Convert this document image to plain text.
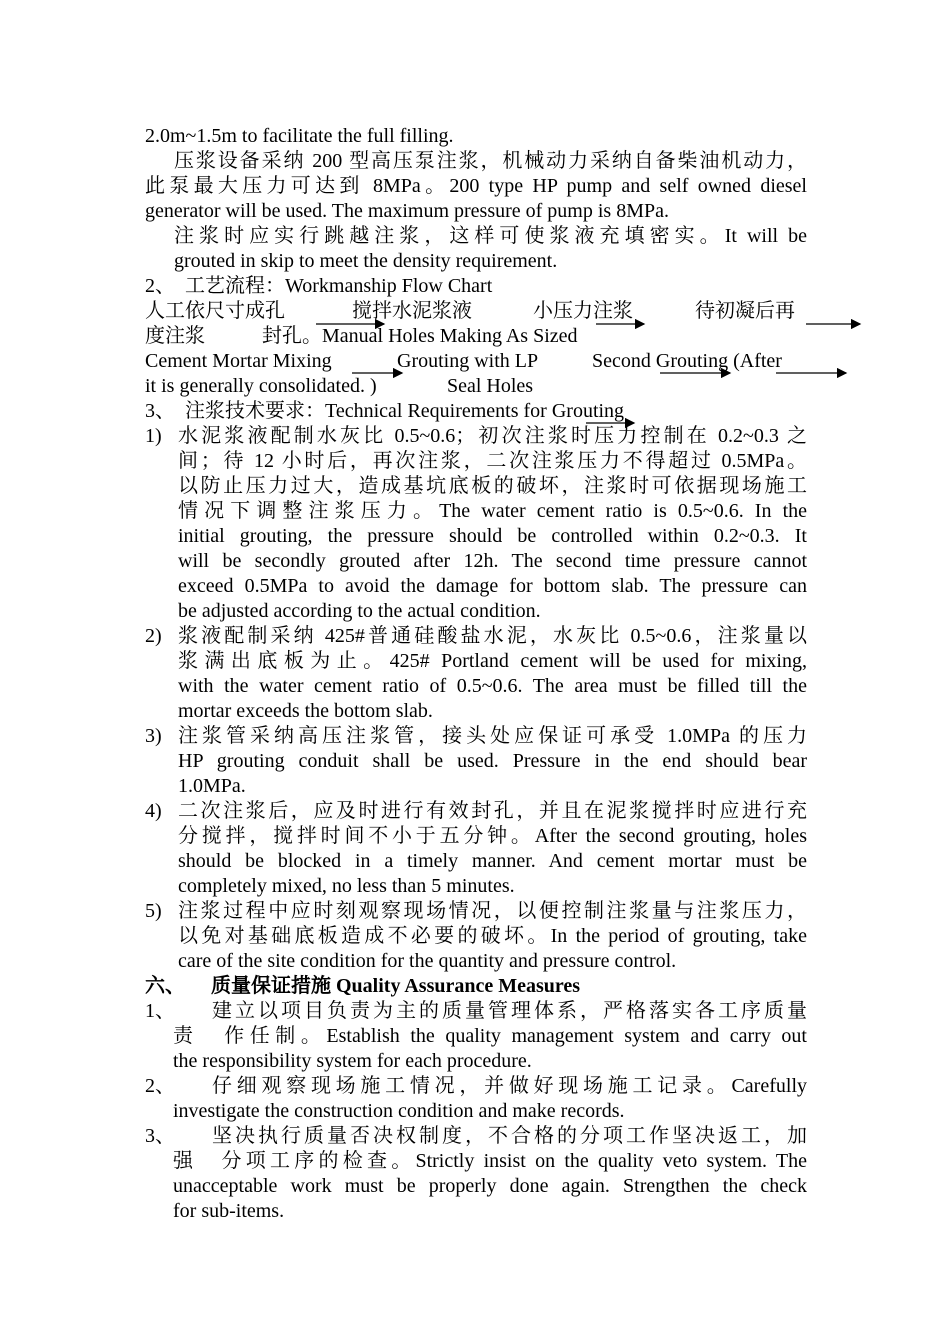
2.0m~1.5m to facilitate the full filling.
压浆设备采纳 200 型高压泵注浆，机械动力采纳自备柴油机动力，
此泵最大压力可达到 8MPa。200 type HP pump and self owned diesel
generator will be used. The maximum pressure of pump is 8MPa.
注浆时应实行跳越注浆，这样可使浆液充填密实。It will be
grouted in skip to meet the density requirement.
2、　工艺流程：Workmanship Flow Chart
人工依尺寸成孔	搅拌水泥浆液	小压力注浆	待初凝后再
度注浆	封孔。Manual Holes Making As Sized
Cement Mortar Mixing	Grouting with LP	Second Grouting (After
it is generally consolidated. )	Seal Holes
3、　注浆技术要求：Technical Requirements for Grouting
1) 水泥浆液配制水灰比 0.5~0.6；初次注浆时压力控制在 0.2~0.3 之
间；待 12 小时后，再次注浆，二次注浆压力不得超过 0.5MPa。
以防止压力过大，造成基坑底板的破坏，注浆时可依据现场施工
情况下调整注浆压力。The water cement ratio is 0.5~0.6. In the
initial grouting, the pressure should be controlled within 0.2~0.3. It
will be secondly grouted after 12h. The second time pressure cannot
exceed 0.5MPa to avoid the damage for bottom slab. The pressure can
be adjusted according to the actual condition.
2) 浆液配制采纳 425#普通硅酸盐水泥，水灰比 0.5~0.6，注浆量以
浆满出底板为止。425# Portland cement will be used for mixing,
with the water cement ratio of 0.5~0.6. The area must be filled till the
mortar exceeds the bottom slab.
3) 注浆管采纳高压注浆管，接头处应保证可承受 1.0MPa 的压力
HP grouting conduit shall be used. Pressure in the end should bear
1.0MPa.
4) 二次注浆后，应及时进行有效封孔，并且在泥浆搅拌时应进行充
分搅拌，搅拌时间不小于五分钟。After the second grouting, holes
should be blocked in a timely manner. And cement mortar must be
completely mixed, no less than 5 minutes.
5) 注浆过程中应时刻观察现场情况，以便控制注浆量与注浆压力，
以免对基础底板造成不必要的破坏。In the period of grouting, take
care of the site condition for the quantity and pressure control.
六、 质量保证措施 Quality Assurance Measures
1、	建立以项目负责为主的质量管理体系，严格落实各工序质量
责　作任制。Establish the quality management system and carry out
the responsibility system for each procedure.
2、	仔细观察现场施工情况，并做好现场施工记录。Carefully
investigate the construction condition and make records.
3、	坚决执行质量否决权制度，不合格的分项工作坚决返工，加
强　分项工序的检查。Strictly insist on the quality veto system. The
unacceptable work must be properly done again. Strengthen the check
for sub-items.
